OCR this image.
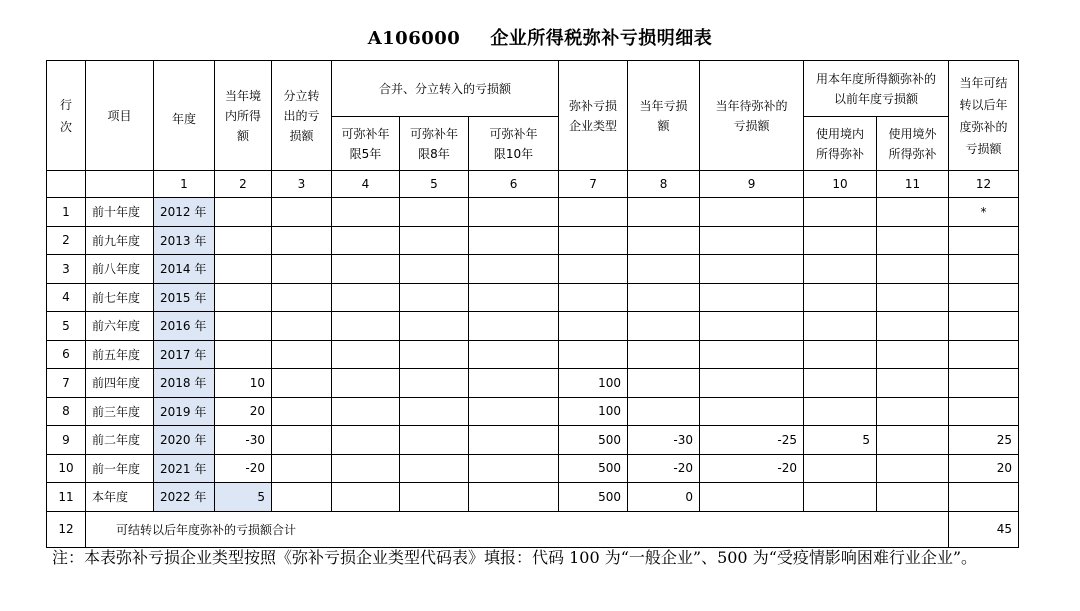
A106000 企业所得税弥补亏损明细表
行次	项目	年度	当年境内所得额	分立转出的亏损额	合并、分立转入的亏损额			弥补亏损企业类型	当年亏损额	当年待弥补的亏损额	用本年度所得额弥补的以前年度亏损额		当年可结转以后年度弥补的亏损额
					可弥补年限5年	可弥补年限8年	可弥补年限10年				使用境内所得弥补	使用境外所得弥补	
		1	2	3	4	5	6	7	8	9	10	11	12
1	前十年度	2012 年											*
2	前九年度	2013 年											
3	前八年度	2014 年											
4	前七年度	2015 年											
5	前六年度	2016 年											
6	前五年度	2017 年											
7	前四年度	2018 年	10					100					
8	前三年度	2019 年	20					100					
9	前二年度	2020 年	-30					500	-30	-25	5		25
10	前一年度	2021 年	-20					500	-20	-20			20
11	本年度	2022 年	5					500	0				
12	可结转以后年度弥补的亏损额合计												45
注：本表弥补亏损企业类型按照《弥补亏损企业类型代码表》填报：代码 100 为“一般企业”、500 为“受疫情影响困难行业企业”。
